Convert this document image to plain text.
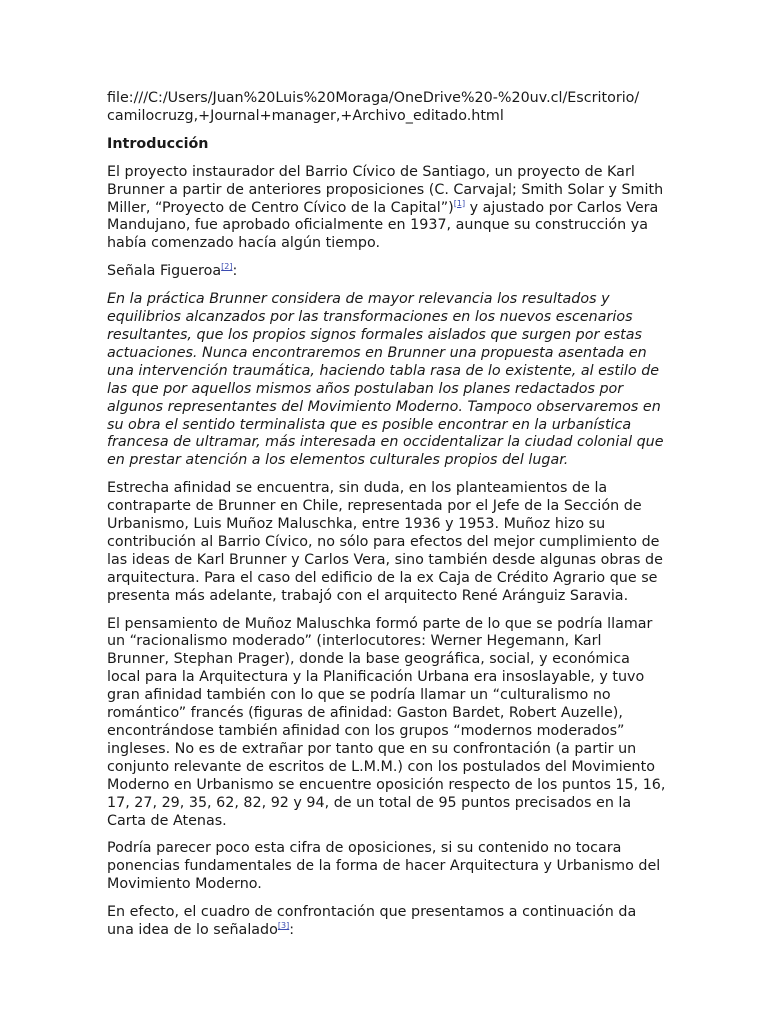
file:///C:/Users/Juan%20Luis%20Moraga/OneDrive%20-%20uv.cl/Escritorio/
camilocruzg,+Journal+manager,+Archivo_editado.html

Introducción

El proyecto instaurador del Barrio Cívico de Santiago, un proyecto de Karl Brunner a partir de anteriores proposiciones (C. Carvajal; Smith Solar y Smith Miller, “Proyecto de Centro Cívico de la Capital”)[1] y ajustado por Carlos Vera Mandujano, fue aprobado oficialmente en 1937, aunque su construcción ya había comenzado hacía algún tiempo.

Señala Figueroa[2]:

En la práctica Brunner considera de mayor relevancia los resultados y equilibrios alcanzados por las transformaciones en los nuevos escenarios resultantes, que los propios signos formales aislados que surgen por estas actuaciones. Nunca encontraremos en Brunner una propuesta asentada en una intervención traumática, haciendo tabla rasa de lo existente, al estilo de las que por aquellos mismos años postulaban los planes redactados por algunos representantes del Movimiento Moderno. Tampoco observaremos en su obra el sentido terminalista que es posible encontrar en la urbanística francesa de ultramar, más interesada en occidentalizar la ciudad colonial que en prestar atención a los elementos culturales propios del lugar.

Estrecha afinidad se encuentra, sin duda, en los planteamientos de la contraparte de Brunner en Chile, representada por el Jefe de la Sección de Urbanismo, Luis Muñoz Maluschka, entre 1936 y 1953. Muñoz hizo su contribución al Barrio Cívico, no sólo para efectos del mejor cumplimiento de las ideas de Karl Brunner y Carlos Vera, sino también desde algunas obras de arquitectura. Para el caso del edificio de la ex Caja de Crédito Agrario que se presenta más adelante, trabajó con el arquitecto René Aránguiz Saravia.

El pensamiento de Muñoz Maluschka formó parte de lo que se podría llamar un “racionalismo moderado” (interlocutores: Werner Hegemann, Karl Brunner, Stephan Prager), donde la base geográfica, social, y económica local para la Arquitectura y la Planificación Urbana era insoslayable, y tuvo gran afinidad también con lo que se podría llamar un “culturalismo no romántico” francés (figuras de afinidad: Gaston Bardet, Robert Auzelle), encontrándose también afinidad con los grupos “modernos moderados” ingleses. No es de extrañar por tanto que en su confrontación (a partir un conjunto relevante de escritos de L.M.M.) con los postulados del Movimiento Moderno en Urbanismo se encuentre oposición respecto de los puntos 15, 16, 17, 27, 29, 35, 62, 82, 92 y 94, de un total de 95 puntos precisados en la Carta de Atenas.

Podría parecer poco esta cifra de oposiciones, si su contenido no tocara ponencias fundamentales de la forma de hacer Arquitectura y Urbanismo del Movimiento Moderno.

En efecto, el cuadro de confrontación que presentamos a continuación da una idea de lo señalado[3]:
